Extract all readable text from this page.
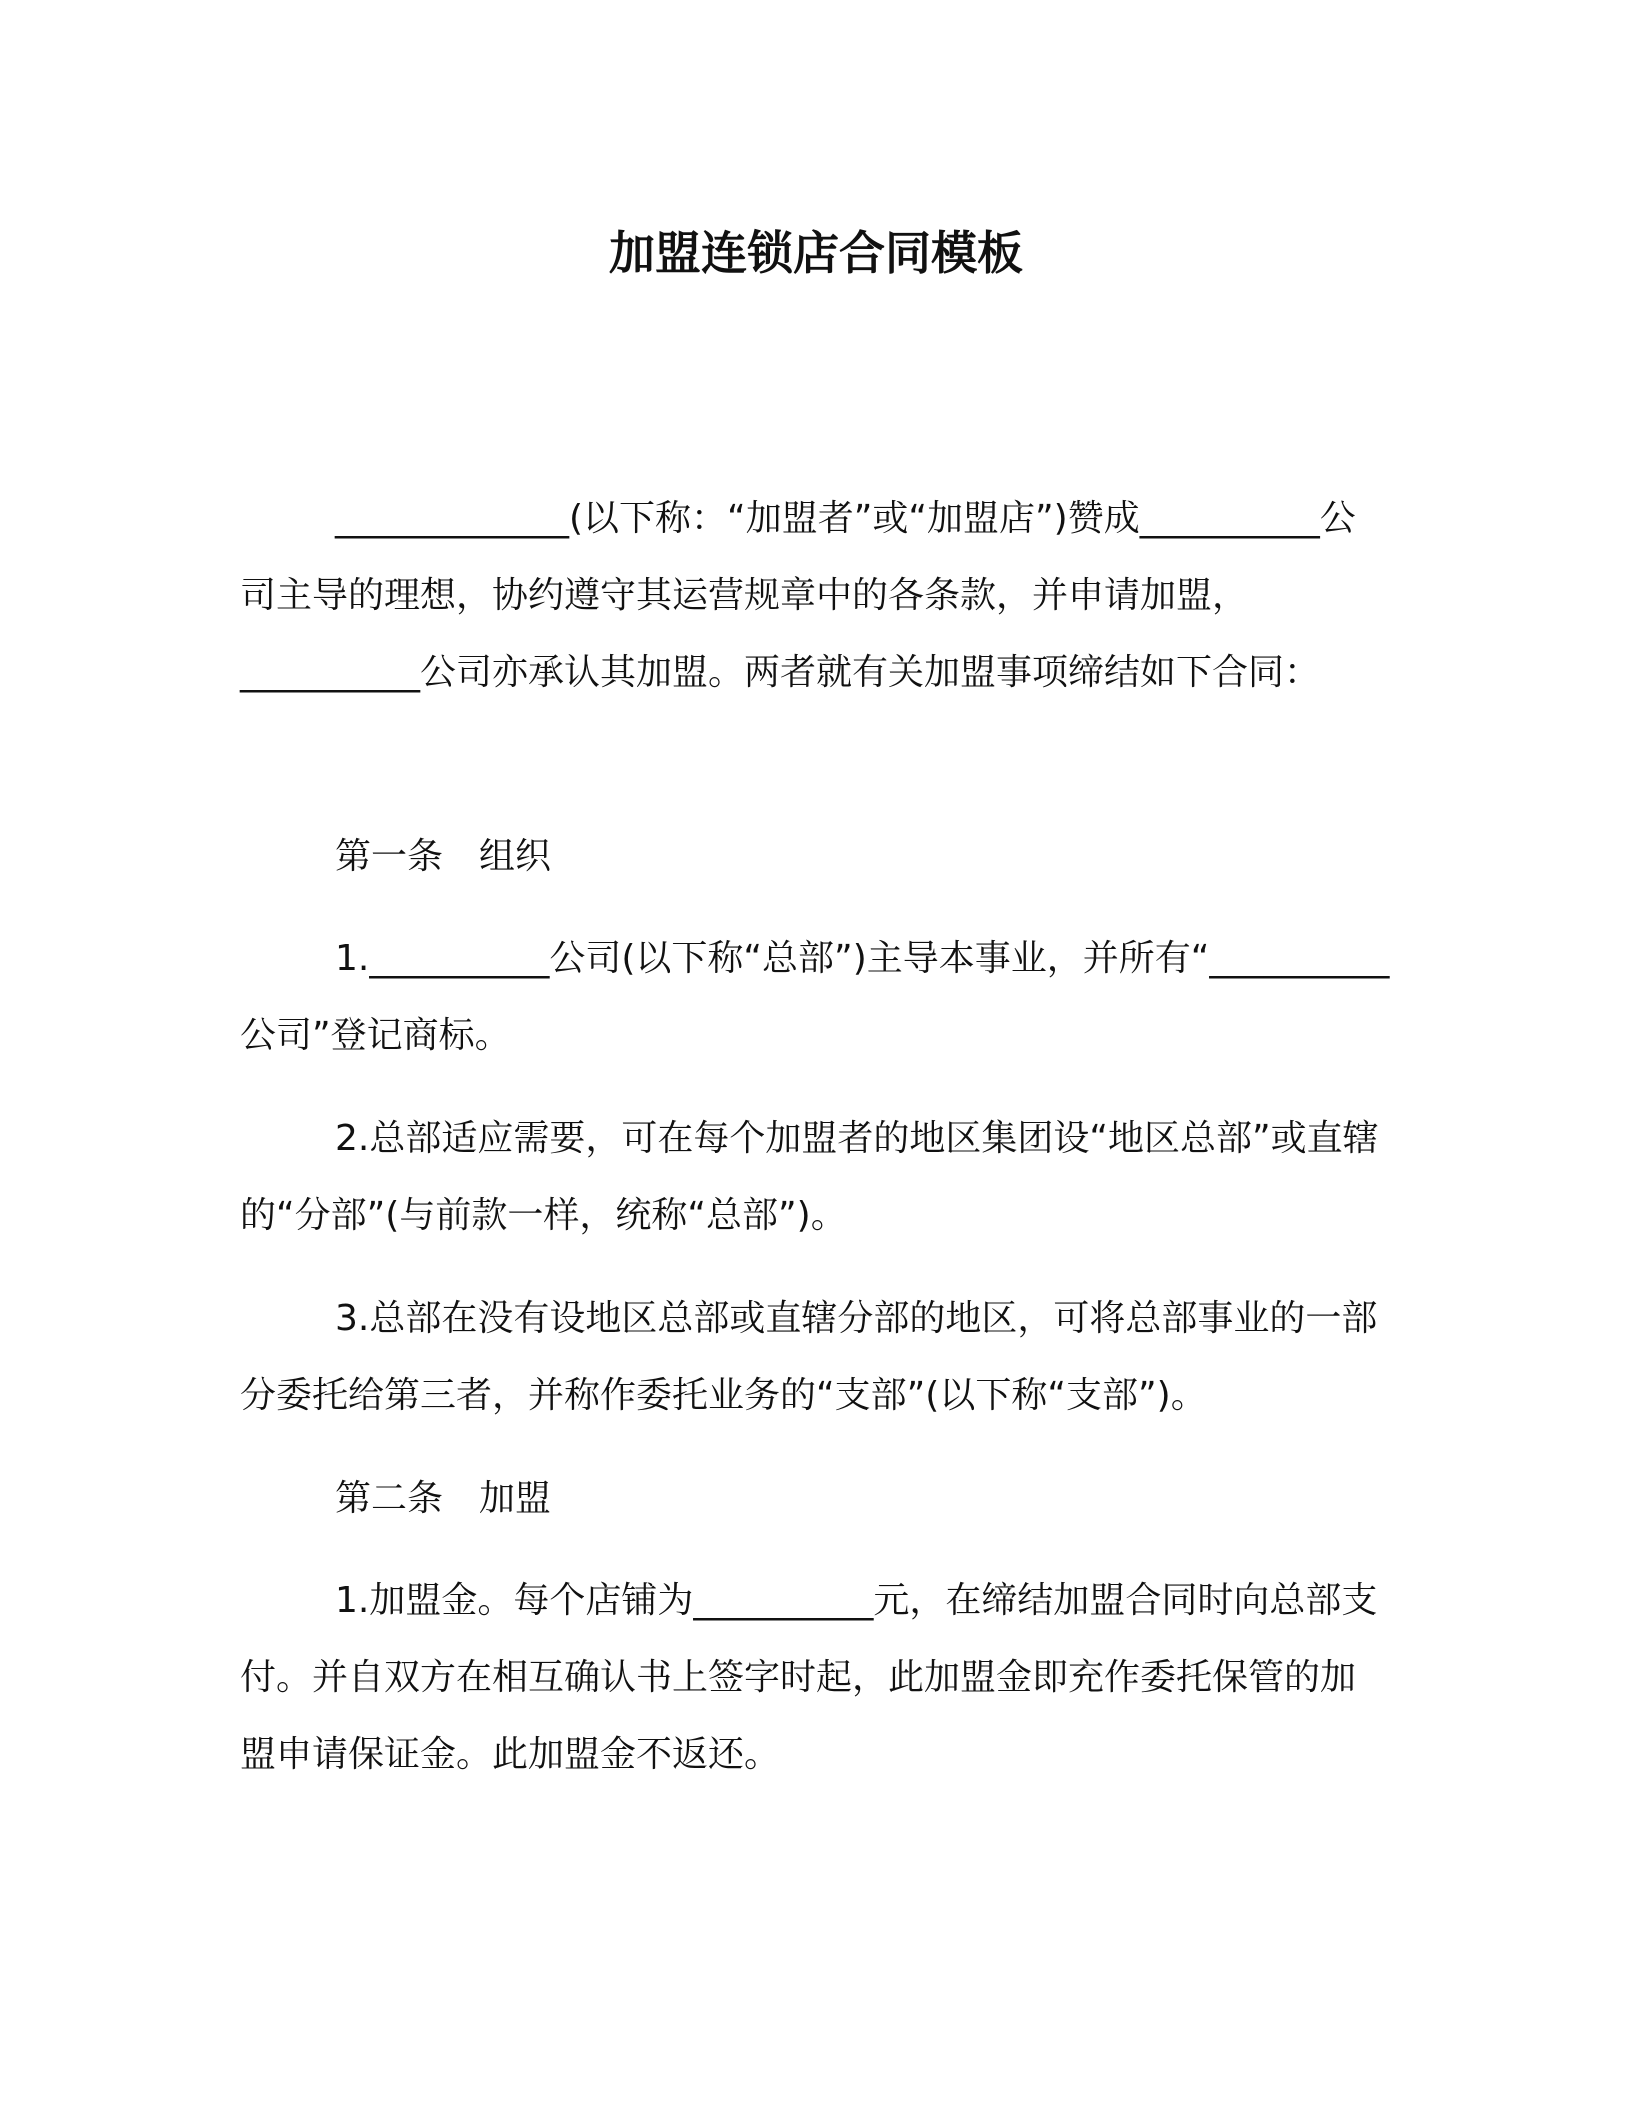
加盟连锁店合同模板

_____________(以下称：“加盟者”或“加盟店”)赞成__________公司主导的理想，协约遵守其运营规章中的各条款，并申请加盟，__________公司亦承认其加盟。两者就有关加盟事项缔结如下合同：

第一条　组织

1.__________公司(以下称“总部”)主导本事业，并所有“__________公司”登记商标。

2.总部适应需要，可在每个加盟者的地区集团设“地区总部”或直辖的“分部”(与前款一样，统称“总部”)。

3.总部在没有设地区总部或直辖分部的地区，可将总部事业的一部分委托给第三者，并称作委托业务的“支部”(以下称“支部”)。

第二条　加盟

1.加盟金。每个店铺为__________元，在缔结加盟合同时向总部支付。并自双方在相互确认书上签字时起，此加盟金即充作委托保管的加盟申请保证金。此加盟金不返还。
